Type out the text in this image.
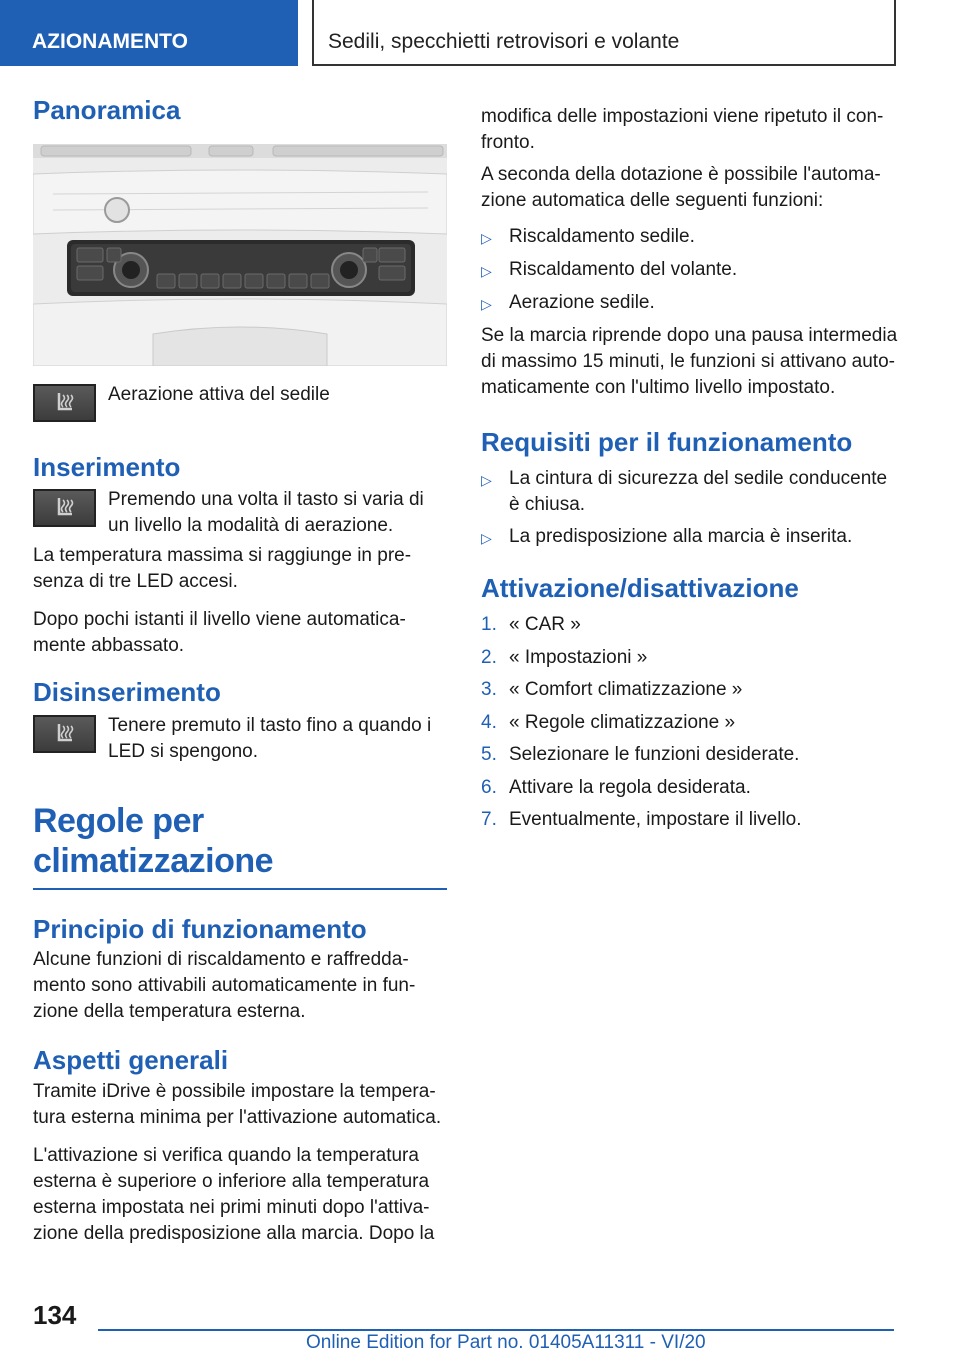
AZIONAMENTO	Sedili, specchietti retrovisori e volante
Panoramica

Aerazione attiva del sedile

Inserimento

Premendo una volta il tasto si varia di un livello la modalità di aerazione.

La temperatura massima si raggiunge in pre- senza di tre LED accesi.

Dopo pochi istanti il livello viene automatica- mente abbassato.

Disinserimento

Tenere premuto il tasto fino a quando i LED si spengono.

Regole per climatizzazione
Principio di funzionamento

Alcune funzioni di riscaldamento e raffredda- mento sono attivabili automaticamente in fun- zione della temperatura esterna.

Aspetti generali

Tramite iDrive è possibile impostare la tempera- tura esterna minima per l'attivazione automatica.

L'attivazione si verifica quando la temperatura esterna è superiore o inferiore alla temperatura esterna impostata nei primi minuti dopo l'attiva- zione della predisposizione alla marcia. Dopo la

modifica delle impostazioni viene ripetuto il con- fronto.

A seconda della dotazione è possibile l'automa- zione automatica delle seguenti funzioni:

▷ Riscaldamento sedile.
▷ Riscaldamento del volante.
▷ Aerazione sedile.

Se la marcia riprende dopo una pausa intermedia di massimo 15 minuti, le funzioni si attivano auto- maticamente con l'ultimo livello impostato.

Requisiti per il funzionamento
▷ La cintura di sicurezza del sedile conducente è chiusa.
▷ La predisposizione alla marcia è inserita.
Attivazione/disattivazione
1. « CAR »
2. « Impostazioni »
3. « Comfort climatizzazione »
4. « Regole climatizzazione »
5. Selezionare le funzioni desiderate.
6. Attivare la regola desiderata.
7. Eventualmente, impostare il livello.
134
Online Edition for Part no. 01405A11311 - VI/20
